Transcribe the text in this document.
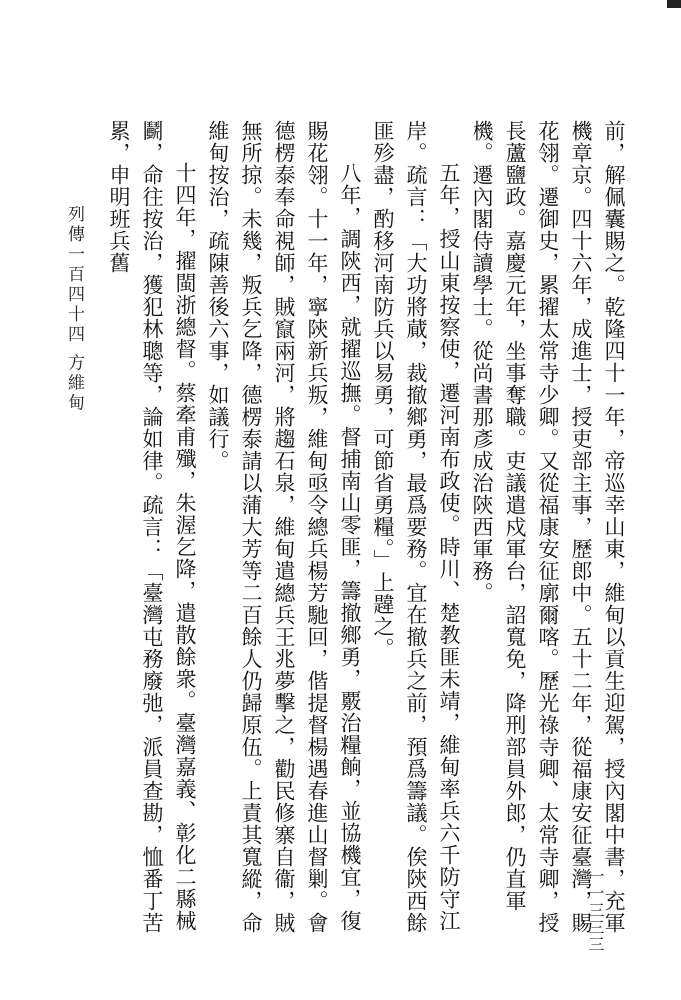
前，解佩囊賜之。乾隆四十一年，帝巡幸山東，維甸以貢生迎駕，授內閣中書，充軍機章京。四十六年，成進士，授吏部主事，歷郎中。五十二年，從福康安征臺灣，賜花翎。遷御史，累擢太常寺少卿。又從福康安征廓爾喀。歷光祿寺卿、太常寺卿，授長蘆鹽政。嘉慶元年，坐事奪職。吏議遣戍軍台，詔寬免，降刑部員外郎，仍直軍機。遷內閣侍讀學士。從尚書那彥成治陝西軍務。

五年，授山東按察使，遷河南布政使。時川、楚教匪未靖，維甸率兵六千防守江岸。疏言：「大功將蕆，裁撤鄉勇，最爲要務。宜在撤兵之前，預爲籌議。俟陝西餘匪殄盡，酌移河南防兵以易勇，可節省勇糧。」上韙之。

八年，調陝西，就擢巡撫。督捕南山零匪，籌撤鄉勇，覈治糧餉，並協機宜，復賜花翎。十一年，寧陝新兵叛，維甸亟令總兵楊芳馳回，偕提督楊遇春進山督剿。會德楞泰奉命視師，賊竄兩河，將趨石泉，維甸遣總兵王兆夢擊之，勸民修寨自衞，賊無所掠。未幾，叛兵乞降，德楞泰請以蒲大芳等二百餘人仍歸原伍。上責其寬縱，命維甸按治，疏陳善後六事，如議行。

十四年，擢閩浙總督。蔡牽甫殲，朱渥乞降，遣散餘衆。臺灣嘉義、彰化二縣械鬬，命往按治，獲犯林聰等，論如律。疏言：「臺灣屯務廢弛，派員查勘，恤番丁苦累，申明班兵舊

列傳一百四十四 方維甸
一一三三三
